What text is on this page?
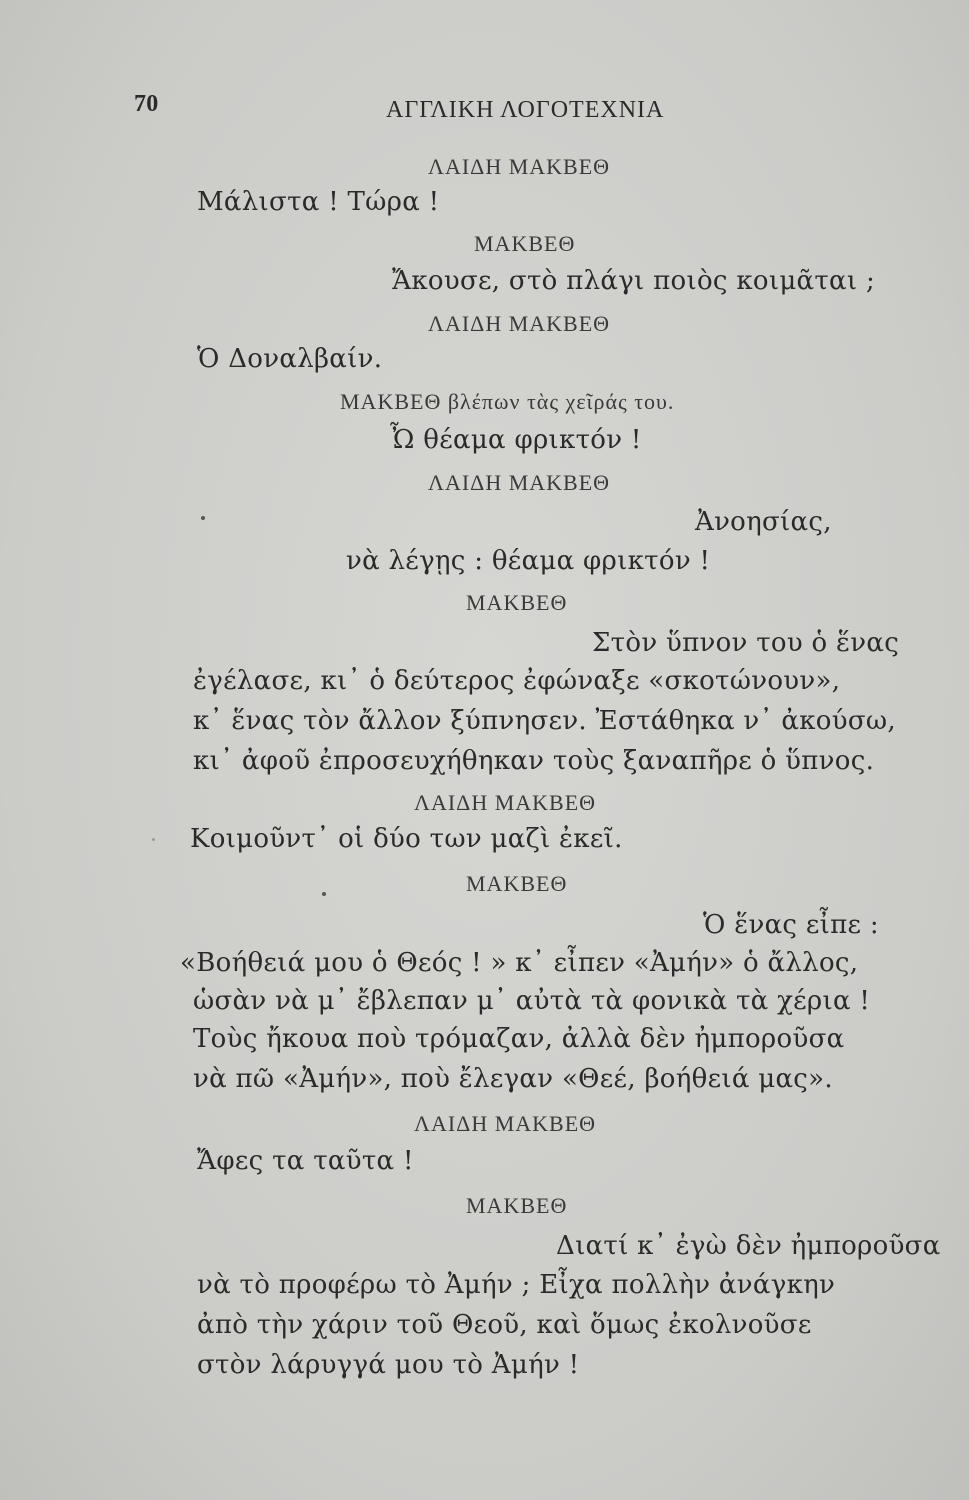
70	ΑΓΓΛΙΚΗ ΛΟΓΟΤΕΧΝΙΑ
ΛΑΙΔΗ ΜΑΚΒΕΘ
Μάλιστα ! Τώρα !
ΜΑΚΒΕΘ
Ἄκουσε, στὸ πλάγι ποιὸς κοιμᾶται ;
ΛΑΙΔΗ ΜΑΚΒΕΘ
Ὁ Δοναλβαίν.
ΜΑΚΒΕΘ βλέπων τὰς χεῖράς του.
Ὦ θέαμα φρικτόν !
ΛΑΙΔΗ ΜΑΚΒΕΘ
Ἀνοησίας,
νὰ λέγῃς : θέαμα φρικτόν !
ΜΑΚΒΕΘ
Στὸν ὕπνον του ὁ ἕνας
ἐγέλασε, κι᾽ ὁ δεύτερος ἐφώναξε «σκοτώνουν»,
κ᾽ ἕνας τὸν ἄλλον ξύπνησεν. Ἐστάθηκα ν᾽ ἀκούσω,
κι᾽ ἀφοῦ ἐπροσευχήθηκαν τοὺς ξαναπῆρε ὁ ὕπνος.
ΛΑΙΔΗ ΜΑΚΒΕΘ
Κοιμοῦντ᾽ οἱ δύο των μαζὶ ἐκεῖ.
ΜΑΚΒΕΘ
Ὁ ἕνας εἶπε :
«Βοήθειά μου ὁ Θεός ! » κ᾽ εἶπεν «Ἀμήν» ὁ ἄλλος,
ὡσὰν νὰ μ᾽ ἔβλεπαν μ᾽ αὐτὰ τὰ φονικὰ τὰ χέρια !
Τοὺς ἤκουα ποὺ τρόμαζαν, ἀλλὰ δὲν ἠμποροῦσα
νὰ πῶ «Ἀμήν», ποὺ ἔλεγαν «Θεέ, βοήθειά μας».
ΛΑΙΔΗ ΜΑΚΒΕΘ
Ἄφες τα ταῦτα !
ΜΑΚΒΕΘ
Διατί κ᾽ ἐγὼ δὲν ἠμποροῦσα
νὰ τὸ προφέρω τὸ Ἀμήν ; Εἶχα πολλὴν ἀνάγκην
ἀπὸ τὴν χάριν τοῦ Θεοῦ, καὶ ὅμως ἐκολνοῦσε
στὸν λάρυγγά μου τὸ Ἀμήν !
